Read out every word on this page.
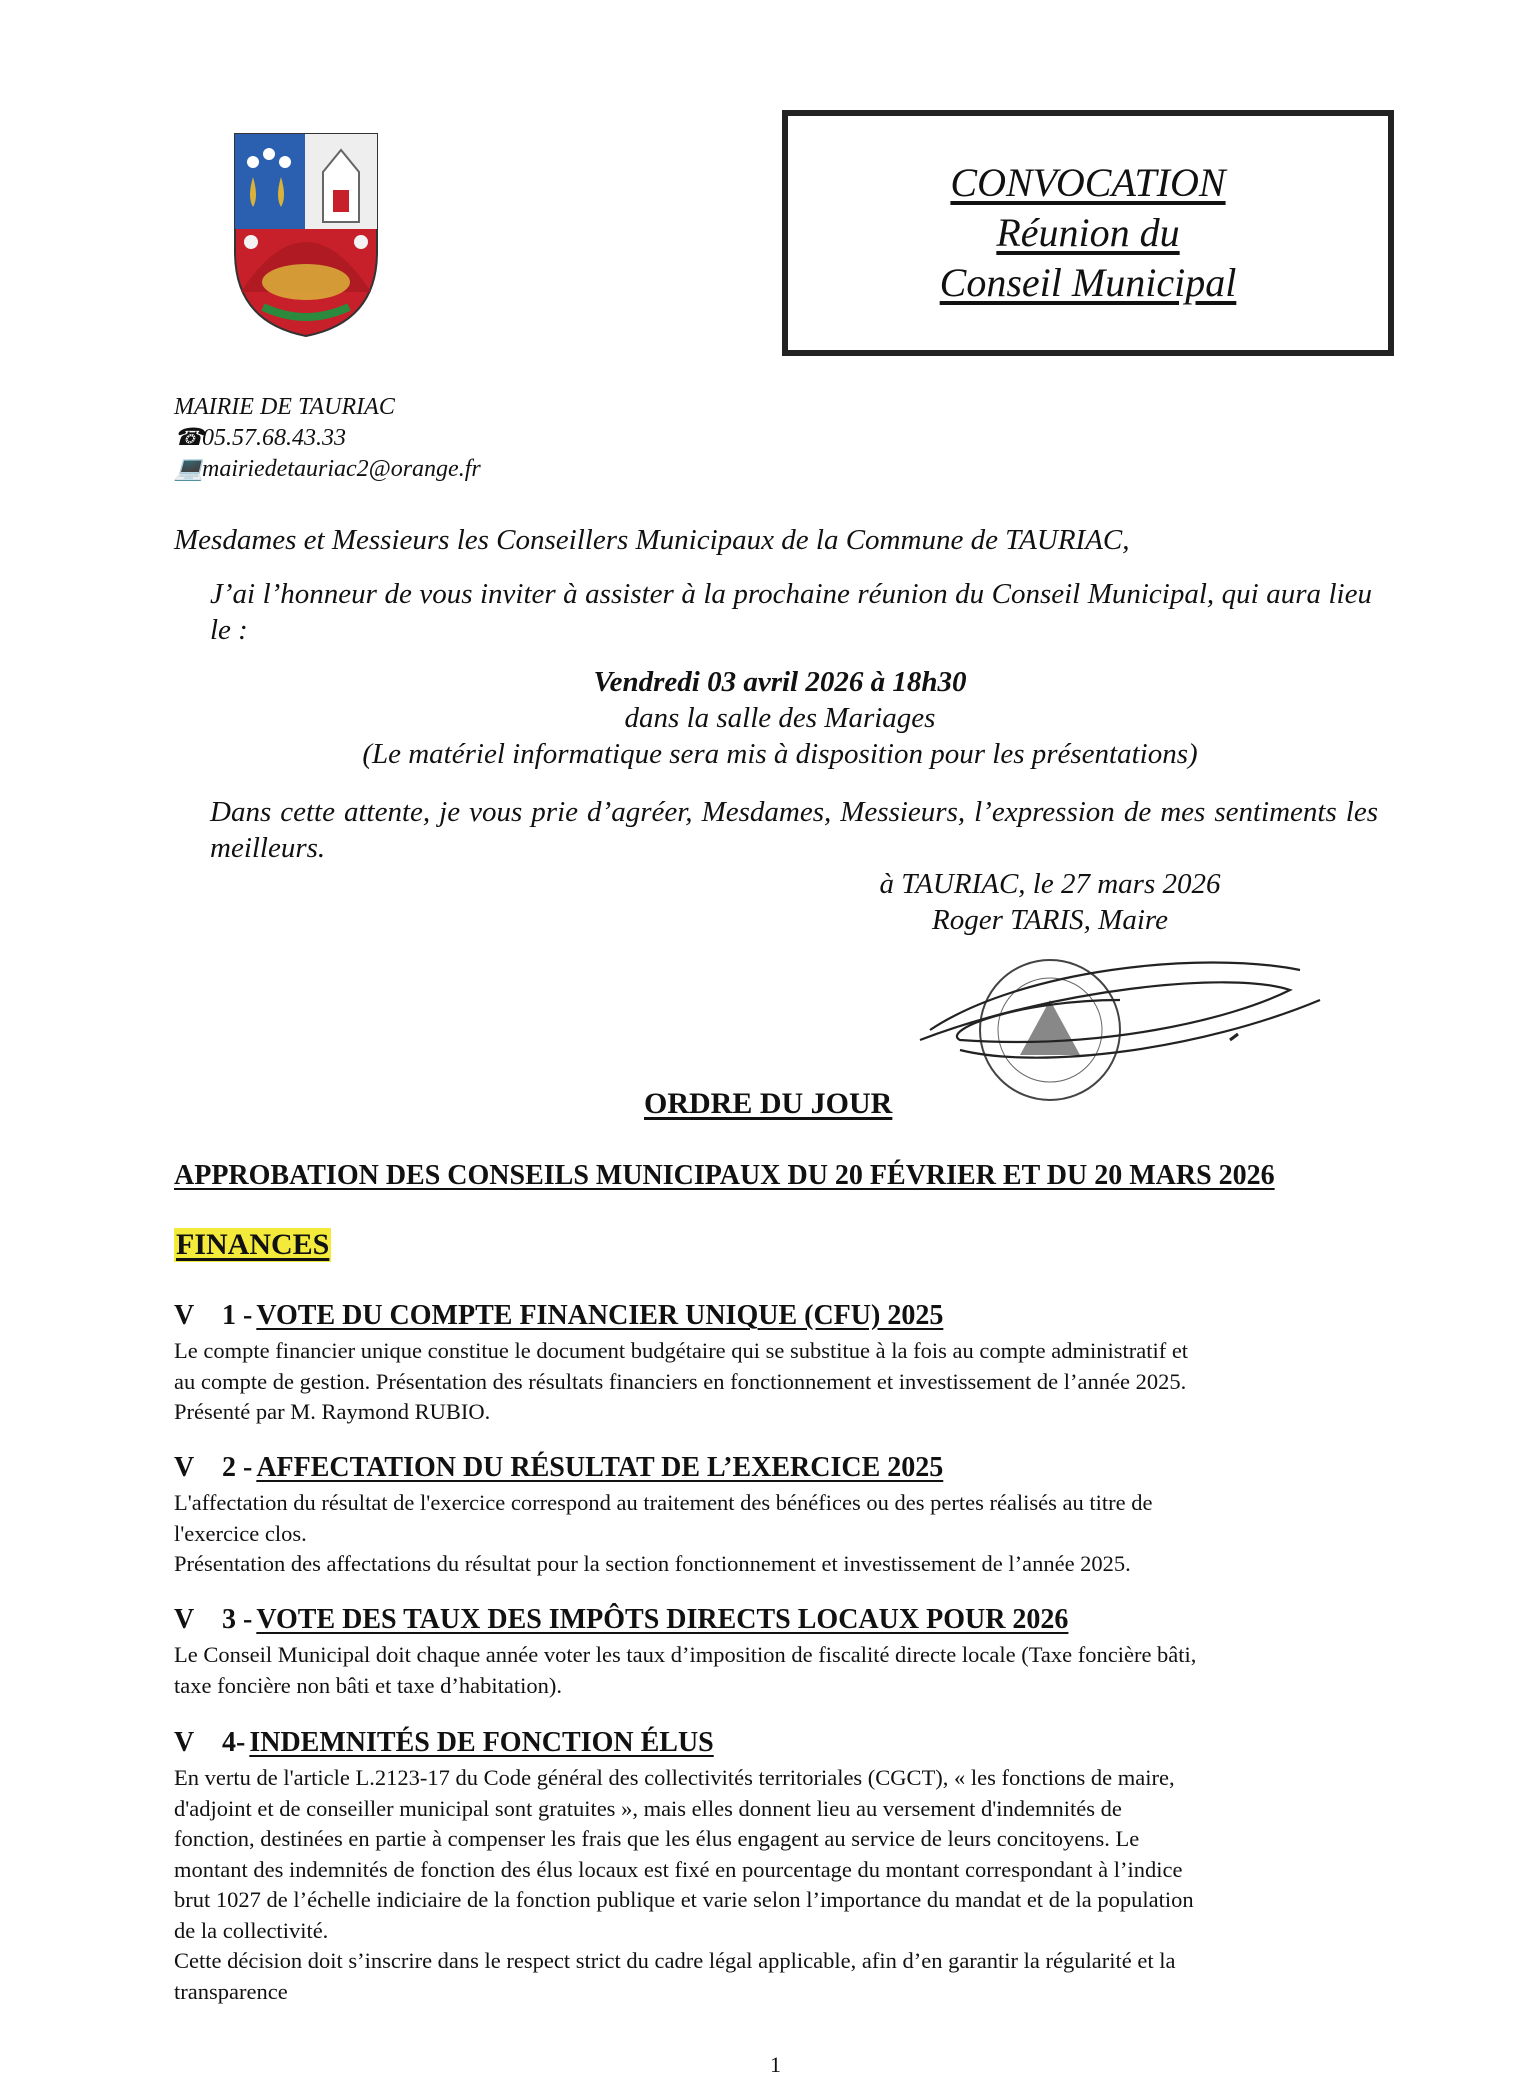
CONVOCATION
Réunion du
Conseil Municipal
MAIRIE DE TAURIAC
☎05.57.68.43.33
💻mairiedetauriac2@orange.fr
Mesdames et Messieurs les Conseillers Municipaux de la Commune de TAURIAC,
J’ai l’honneur de vous inviter à assister à la prochaine réunion du Conseil Municipal, qui aura lieu le :
Vendredi 03 avril 2026 à 18h30
dans la salle des Mariages
(Le matériel informatique sera mis à disposition pour les présentations)
Dans cette attente, je vous prie d’agréer, Mesdames, Messieurs, l’expression de mes sentiments les meilleurs.
à TAURIAC, le 27 mars 2026
Roger TARIS, Maire
ORDRE DU JOUR
APPROBATION DES CONSEILS MUNICIPAUX DU 20 FÉVRIER ET DU 20 MARS 2026
FINANCES
V 1 - VOTE DU COMPTE FINANCIER UNIQUE (CFU) 2025
Le compte financier unique constitue le document budgétaire qui se substitue à la fois au compte administratif et
au compte de gestion. Présentation des résultats financiers en fonctionnement et investissement de l’année 2025.
Présenté par M. Raymond RUBIO.
V 2 - AFFECTATION DU RÉSULTAT DE L’EXERCICE 2025
L'affectation du résultat de l'exercice correspond au traitement des bénéfices ou des pertes réalisés au titre de
l'exercice clos.
Présentation des affectations du résultat pour la section fonctionnement et investissement de l’année 2025.
V 3 - VOTE DES TAUX DES IMPÔTS DIRECTS LOCAUX POUR 2026
Le Conseil Municipal doit chaque année voter les taux d’imposition de fiscalité directe locale (Taxe foncière bâti,
taxe foncière non bâti et taxe d’habitation).
V 4- INDEMNITÉS DE FONCTION ÉLUS
En vertu de l'article L.2123-17 du Code général des collectivités territoriales (CGCT), « les fonctions de maire,
d'adjoint et de conseiller municipal sont gratuites », mais elles donnent lieu au versement d'indemnités de
fonction, destinées en partie à compenser les frais que les élus engagent au service de leurs concitoyens. Le
montant des indemnités de fonction des élus locaux est fixé en pourcentage du montant correspondant à l’indice
brut 1027 de l’échelle indiciaire de la fonction publique et varie selon l’importance du mandat et de la population
de la collectivité.
Cette décision doit s’inscrire dans le respect strict du cadre légal applicable, afin d’en garantir la régularité et la
transparence
1
